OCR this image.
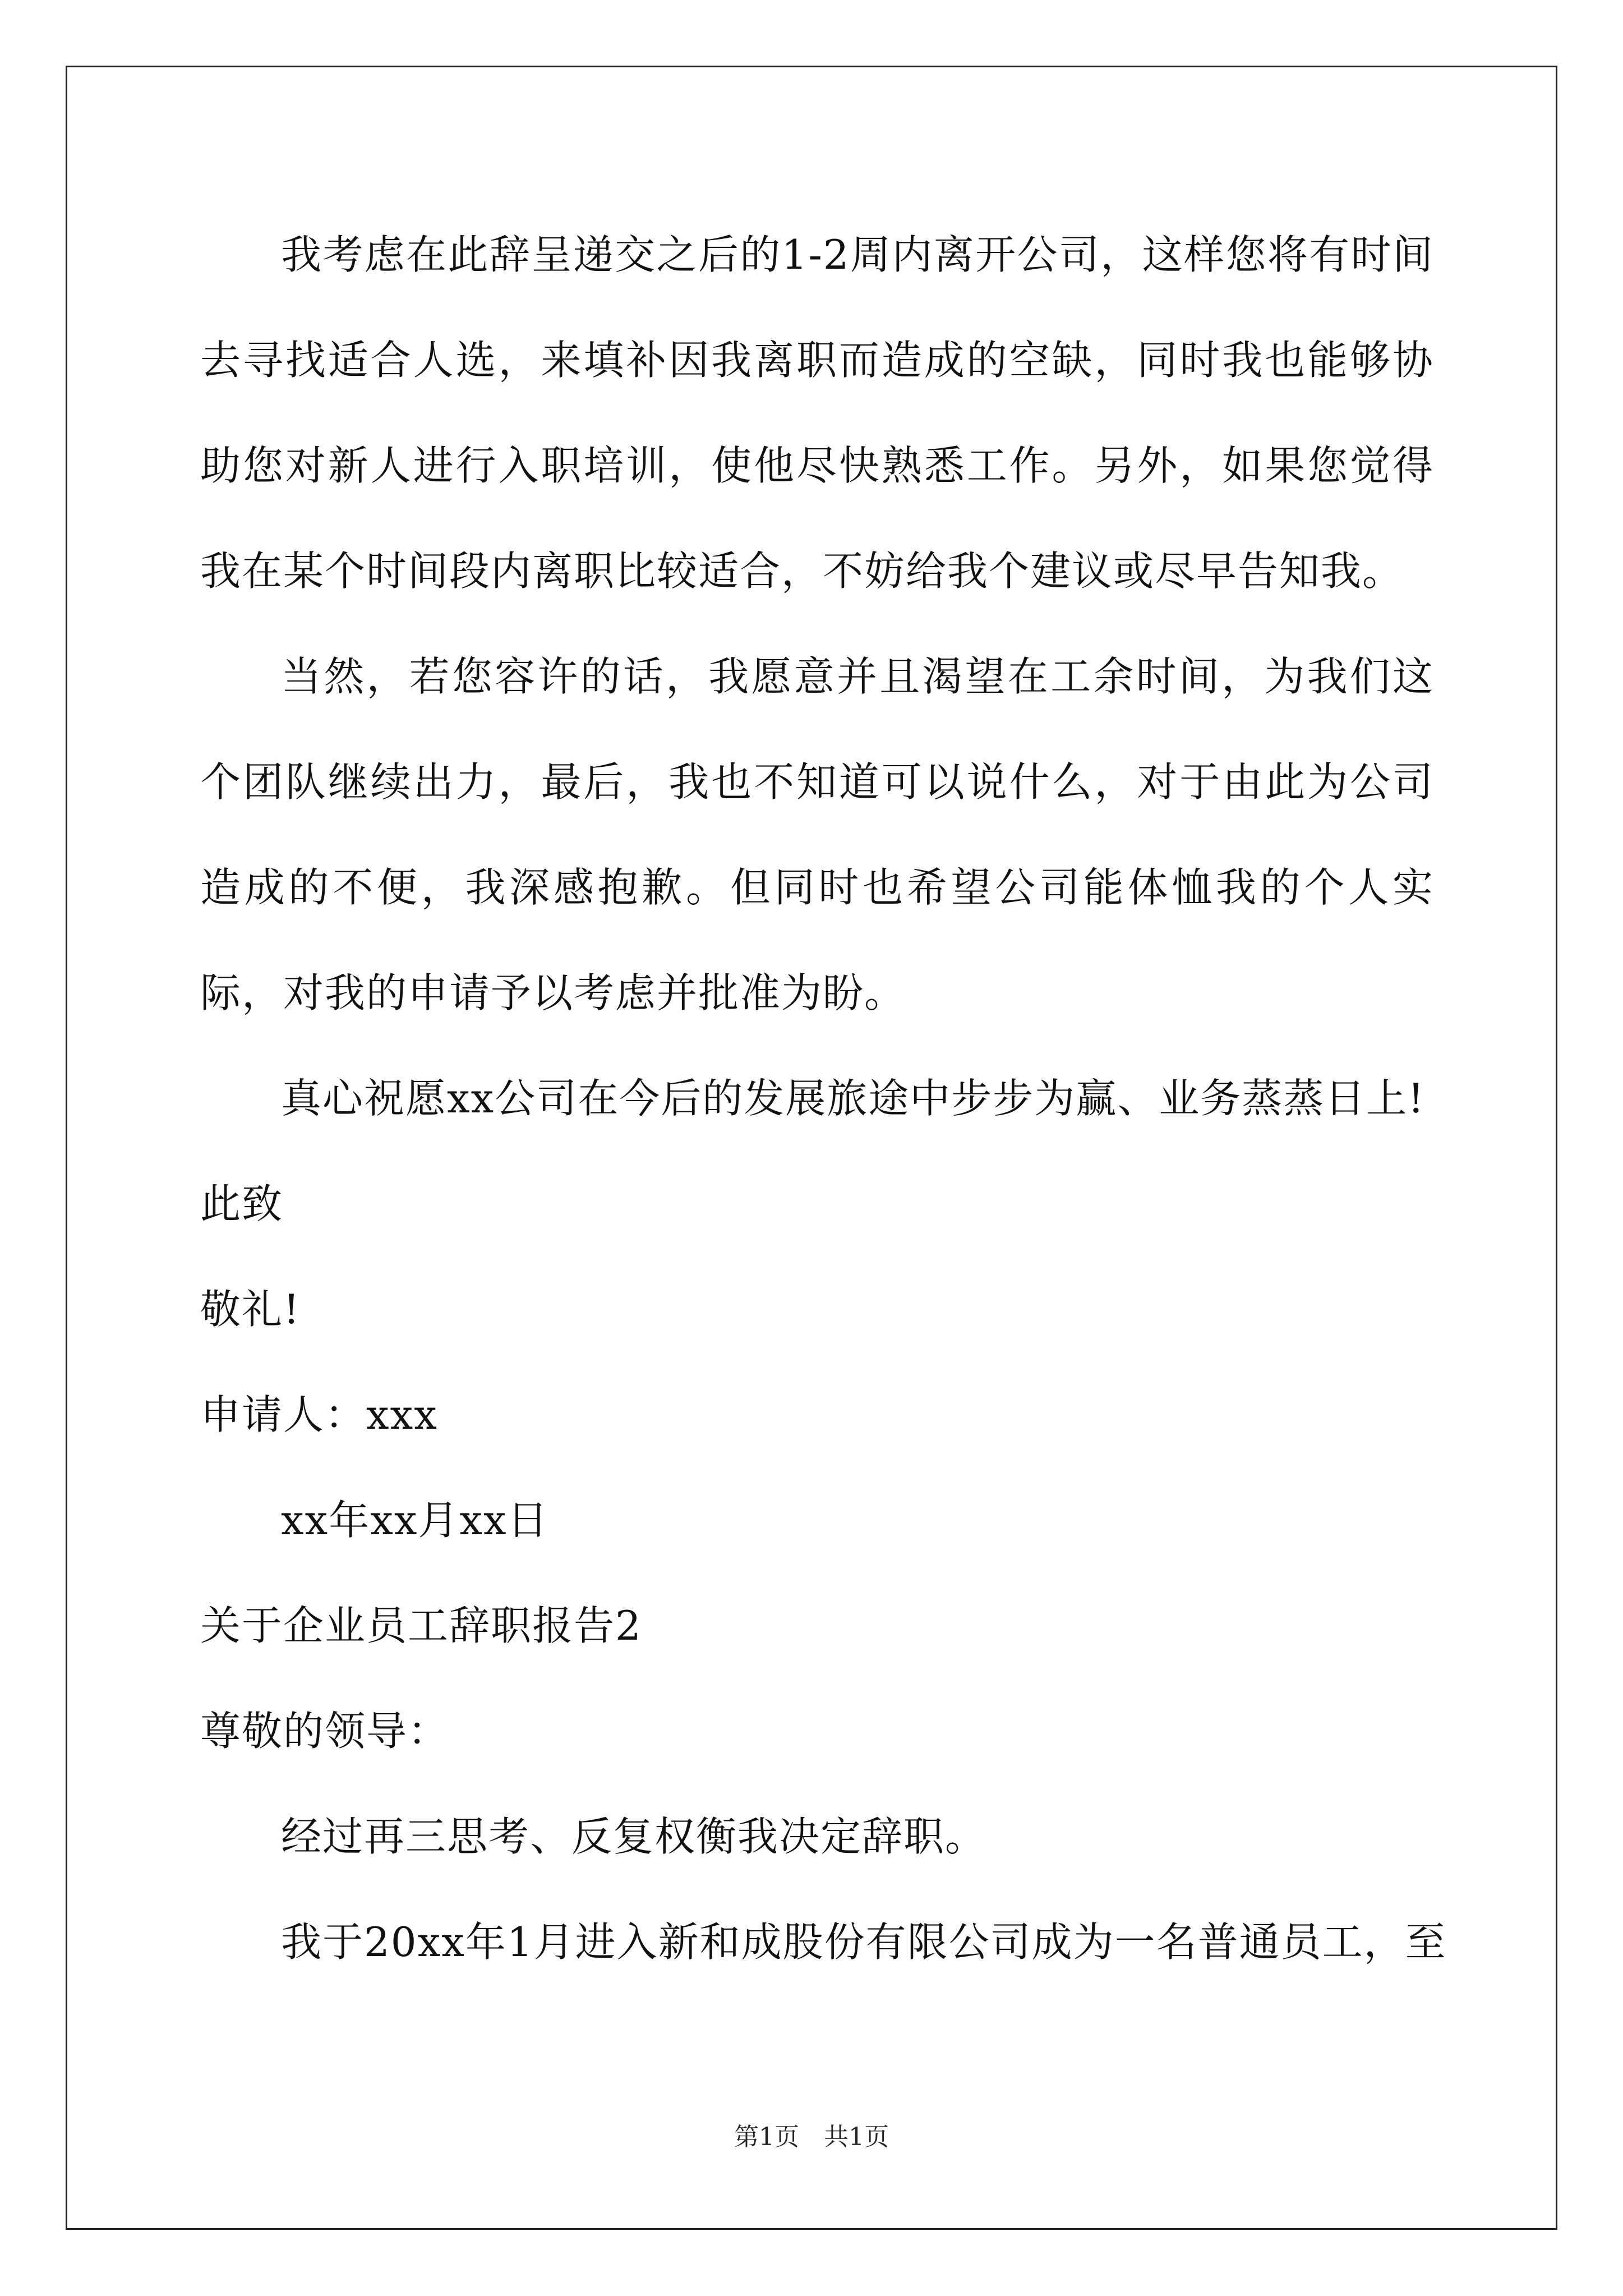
我考虑在此辞呈递交之后的1-2周内离开公司，这样您将有时间去寻找适合人选，来填补因我离职而造成的空缺，同时我也能够协助您对新人进行入职培训，使他尽快熟悉工作。另外，如果您觉得我在某个时间段内离职比较适合，不妨给我个建议或尽早告知我。

当然，若您容许的话，我愿意并且渴望在工余时间，为我们这个团队继续出力，最后，我也不知道可以说什么，对于由此为公司造成的不便，我深感抱歉。但同时也希望公司能体恤我的个人实际，对我的申请予以考虑并批准为盼。

真心祝愿xx公司在今后的发展旅途中步步为赢、业务蒸蒸日上!

此致

敬礼!

申请人：xxx

xx年xx月xx日

关于企业员工辞职报告2

尊敬的领导：

经过再三思考、反复权衡我决定辞职。

我于20xx年1月进入新和成股份有限公司成为一名普通员工，至

第1页 共1页
